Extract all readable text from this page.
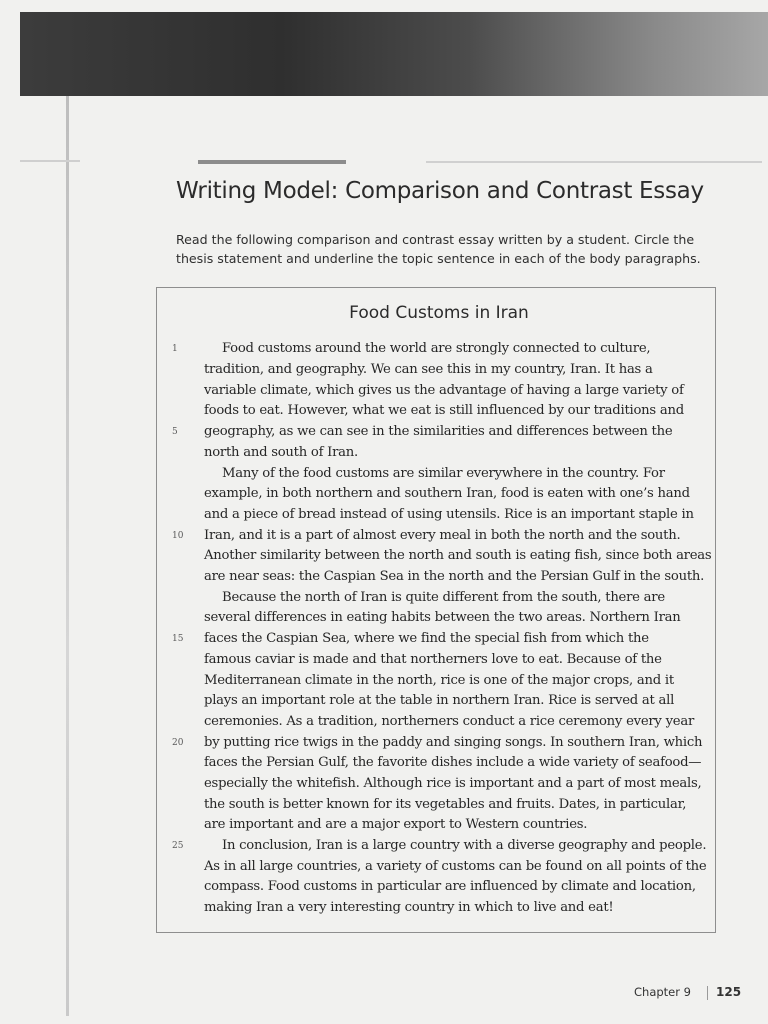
Writing Model: Comparison and Contrast Essay
Read the following comparison and contrast essay written by a student. Circle the
thesis statement and underline the topic sentence in each of the body paragraphs.
Food Customs in Iran
1
5
10
15
20
25
Food customs around the world are strongly connected to culture,
tradition, and geography. We can see this in my country, Iran. It has a
variable climate, which gives us the advantage of having a large variety of
foods to eat. However, what we eat is still influenced by our traditions and
geography, as we can see in the similarities and differences between the
north and south of Iran.
Many of the food customs are similar everywhere in the country. For
example, in both northern and southern Iran, food is eaten with one’s hand
and a piece of bread instead of using utensils. Rice is an important staple in
Iran, and it is a part of almost every meal in both the north and the south.
Another similarity between the north and south is eating fish, since both areas
are near seas: the Caspian Sea in the north and the Persian Gulf in the south.
Because the north of Iran is quite different from the south, there are
several differences in eating habits between the two areas. Northern Iran
faces the Caspian Sea, where we find the special fish from which the
famous caviar is made and that northerners love to eat. Because of the
Mediterranean climate in the north, rice is one of the major crops, and it
plays an important role at the table in northern Iran. Rice is served at all
ceremonies. As a tradition, northerners conduct a rice ceremony every year
by putting rice twigs in the paddy and singing songs. In southern Iran, which
faces the Persian Gulf, the favorite dishes include a wide variety of seafood—
especially the whitefish. Although rice is important and a part of most meals,
the south is better known for its vegetables and fruits. Dates, in particular,
are important and are a major export to Western countries.
In conclusion, Iran is a large country with a diverse geography and people.
As in all large countries, a variety of customs can be found on all points of the
compass. Food customs in particular are influenced by climate and location,
making Iran a very interesting country in which to live and eat!
Chapter 9 125
